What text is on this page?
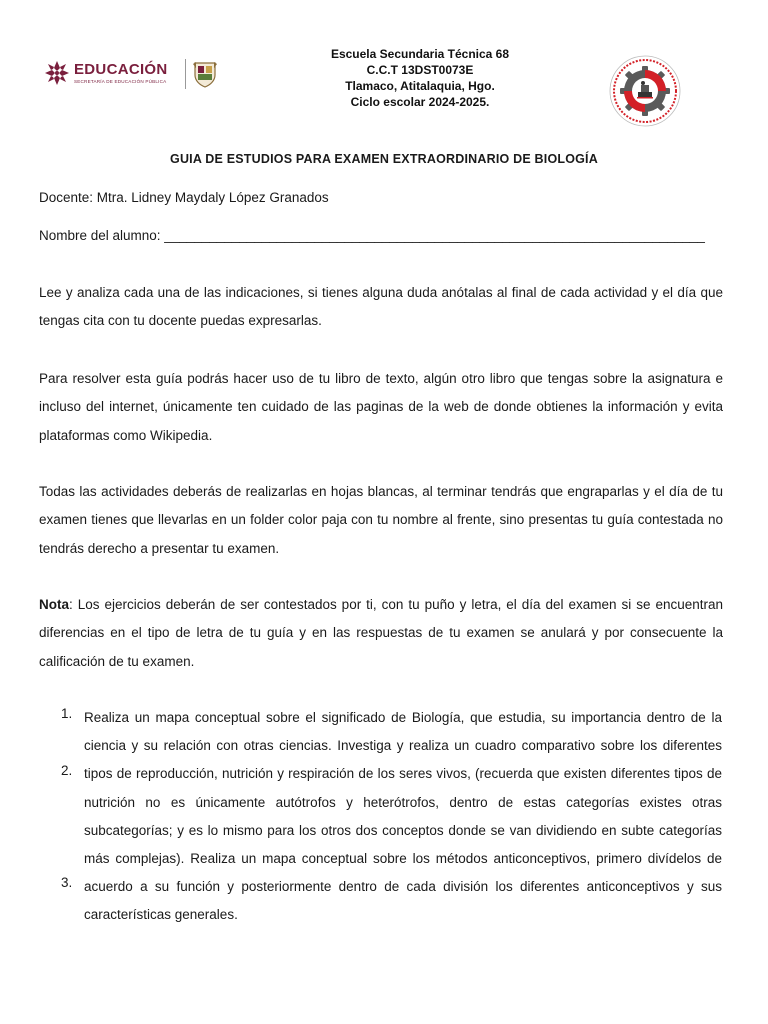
EDUCACIÓN
SECRETARÍA DE EDUCACIÓN PÚBLICA
Escuela Secundaria Técnica 68
C.C.T 13DST0073E
Tlamaco, Atitalaquia, Hgo.
Ciclo escolar 2024-2025.
GUIA DE ESTUDIOS PARA EXAMEN EXTRAORDINARIO DE BIOLOGÍA
Docente: Mtra. Lidney Maydaly López Granados
Nombre del alumno: ________________________________________________________________________
Lee y analiza cada una de las indicaciones, si tienes alguna duda anótalas al final de cada actividad y el día que tengas cita con tu docente puedas expresarlas.
Para resolver esta guía podrás hacer uso de tu libro de texto, algún otro libro que tengas sobre la asignatura e incluso del internet, únicamente ten cuidado de las paginas de la web de donde obtienes la información y evita plataformas como Wikipedia.
Todas las actividades deberás de realizarlas en hojas blancas, al terminar tendrás que engraparlas y el día de tu examen tienes que llevarlas en un folder color paja con tu nombre al frente, sino presentas tu guía contestada no tendrás derecho a presentar tu examen.
Nota: Los ejercicios deberán de ser contestados por ti, con tu puño y letra, el día del examen si se encuentran diferencias en el tipo de letra de tu guía y en las respuestas de tu examen se anulará y por consecuente la calificación de tu examen.
1.
2.
3.
Realiza un mapa conceptual sobre el significado de Biología, que estudia, su importancia dentro de la ciencia y su relación con otras ciencias. Investiga y realiza un cuadro comparativo sobre los diferentes tipos de reproducción, nutrición y respiración de los seres vivos, (recuerda que existen diferentes tipos de nutrición no es únicamente autótrofos y heterótrofos, dentro de estas categorías existes otras subcategorías; y es lo mismo para los otros dos conceptos donde se van dividiendo en subte categorías más complejas). Realiza un mapa conceptual sobre los métodos anticonceptivos, primero divídelos de acuerdo a su función y posteriormente dentro de cada división los diferentes anticonceptivos y sus características generales.
